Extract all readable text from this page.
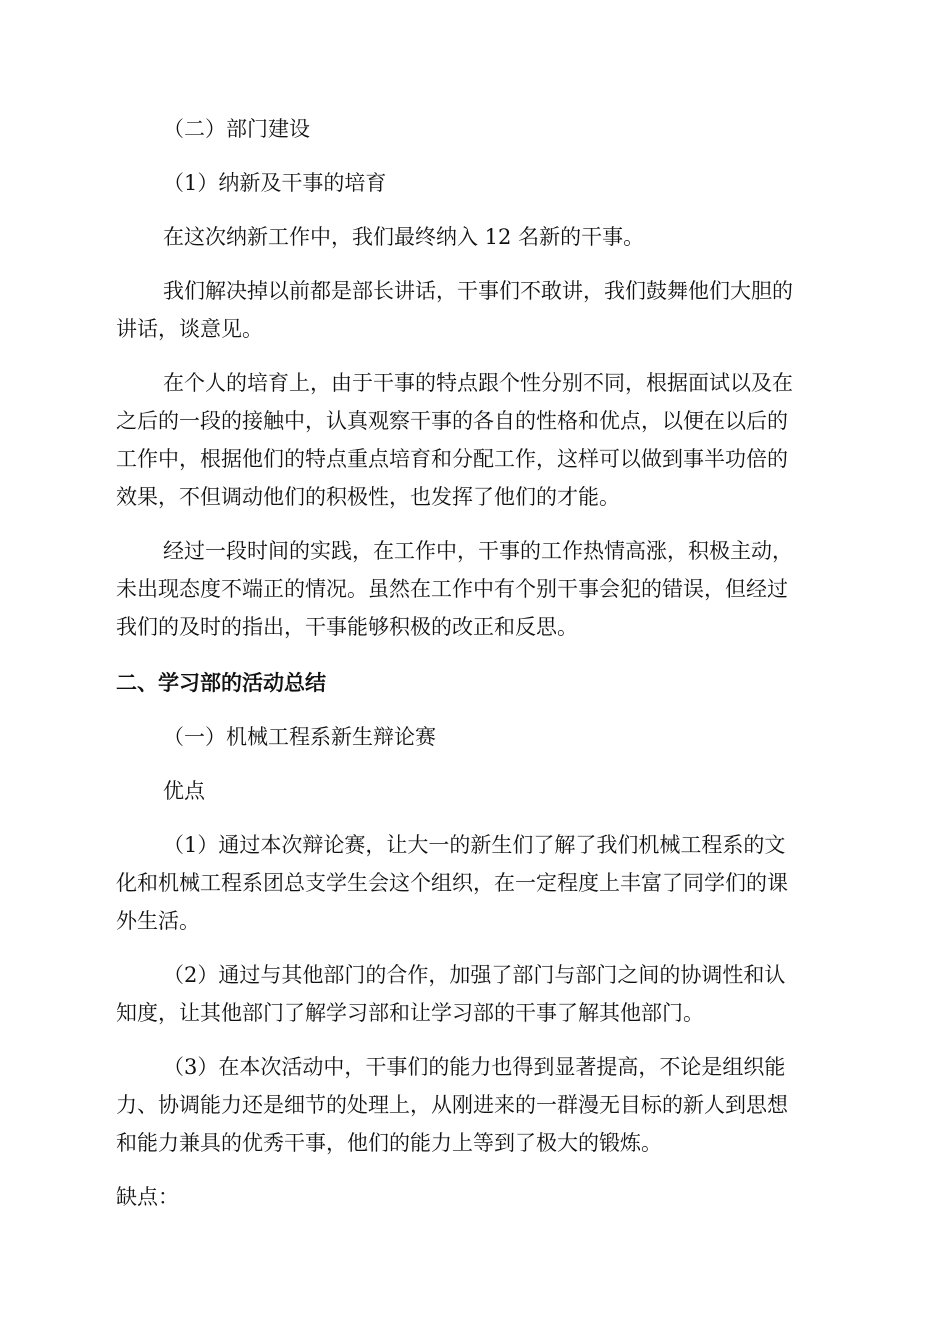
（二）部门建设
（1）纳新及干事的培育
在这次纳新工作中，我们最终纳入 12 名新的干事。
我们解决掉以前都是部长讲话，干事们不敢讲，我们鼓舞他们大胆的
讲话，谈意见。
在个人的培育上，由于干事的特点跟个性分别不同，根据面试以及在
之后的一段的接触中，认真观察干事的各自的性格和优点，以便在以后的
工作中，根据他们的特点重点培育和分配工作，这样可以做到事半功倍的
效果，不但调动他们的积极性，也发挥了他们的才能。
经过一段时间的实践，在工作中，干事的工作热情高涨，积极主动，
未出现态度不端正的情况。虽然在工作中有个别干事会犯的错误，但经过
我们的及时的指出，干事能够积极的改正和反思。
二、学习部的活动总结
（一）机械工程系新生辩论赛
优点
（1）通过本次辩论赛，让大一的新生们了解了我们机械工程系的文
化和机械工程系团总支学生会这个组织，在一定程度上丰富了同学们的课
外生活。
（2）通过与其他部门的合作，加强了部门与部门之间的协调性和认
知度，让其他部门了解学习部和让学习部的干事了解其他部门。
（3）在本次活动中，干事们的能力也得到显著提高，不论是组织能
力、协调能力还是细节的处理上，从刚进来的一群漫无目标的新人到思想
和能力兼具的优秀干事，他们的能力上等到了极大的锻炼。
缺点：
